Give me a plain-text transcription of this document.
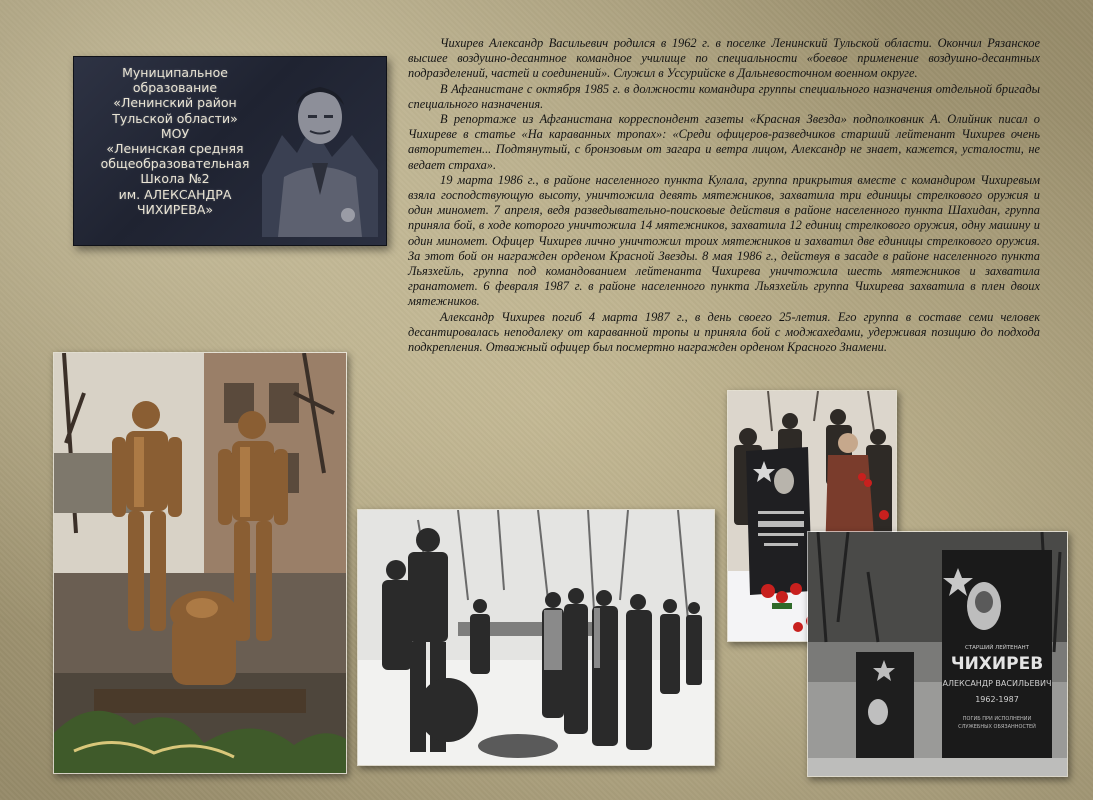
Муниципальное
образование
«Ленинский район
Тульской области»
МОУ
«Ленинская средняя
общеобразовательная
Школа №2
им. АЛЕКСАНДРА
ЧИХИРЕВА»

Чихирев Александр Васильевич родился в 1962 г. в поселке Ленинский Тульской области. Окончил Рязанское высшее воздушно-десантное командное училище по специальности «боевое применение воздушно-десантных подразделений, частей и соединений». Служил в Уссурийске в Дальневосточном военном округе.

В Афганистане с октября 1985 г. в должности командира группы специального назначения отдельной бригады специального назначения.

В репортаже из Афганистана корреспондент газеты «Красная Звезда» подполковник А. Олийник писал о Чихиреве в статье «На караванных тропах»: «Среди офицеров-разведчиков старший лейтенант Чихирев очень авторитетен... Подтянутый, с бронзовым от загара и ветра лицом, Александр не знает, кажется, усталости, не ведает страха».

19 марта 1986 г., в районе населенного пункта Кулала, группа прикрытия вместе с командиром Чихиревым взяла господствующую высоту, уничтожила девять мятежников, захватила три единицы стрелкового оружия и один миномет. 7 апреля, ведя разведывательно-поисковые действия в районе населенного пункта Шахидан, группа приняла бой, в ходе которого уничтожила 14 мятежников, захватила 12 единиц стрелкового оружия, одну машину и один миномет. Офицер Чихирев лично уничтожил троих мятежников и захватил две единицы стрелкового оружия. За этот бой он награжден орденом Красной Звезды. 8 мая 1986 г., действуя в засаде в районе населенного пункта Льязхейль, группа под командованием лейтенанта Чихирева уничтожила шесть мятежников и захватила гранатомет. 6 февраля 1987 г. в районе населенного пункта Льязхейль группа Чихирева захватила в плен двоих мятежников.

Александр Чихирев погиб 4 марта 1987 г., в день своего 25-летия. Его группа в составе семи человек десантировалась неподалеку от караванной тропы и приняла бой с моджахедами, удерживая позицию до подхода подкрепления. Отважный офицер был посмертно награжден орденом Красного Знамени.

СТАРШИЙ ЛЕЙТЕНАНТ
ЧИХИРЕВ
АЛЕКСАНДР ВАСИЛЬЕВИЧ
1962-1987
ПОГИБ ПРИ ИСПОЛНЕНИИ
СЛУЖЕБНЫХ ОБЯЗАННОСТЕЙ
